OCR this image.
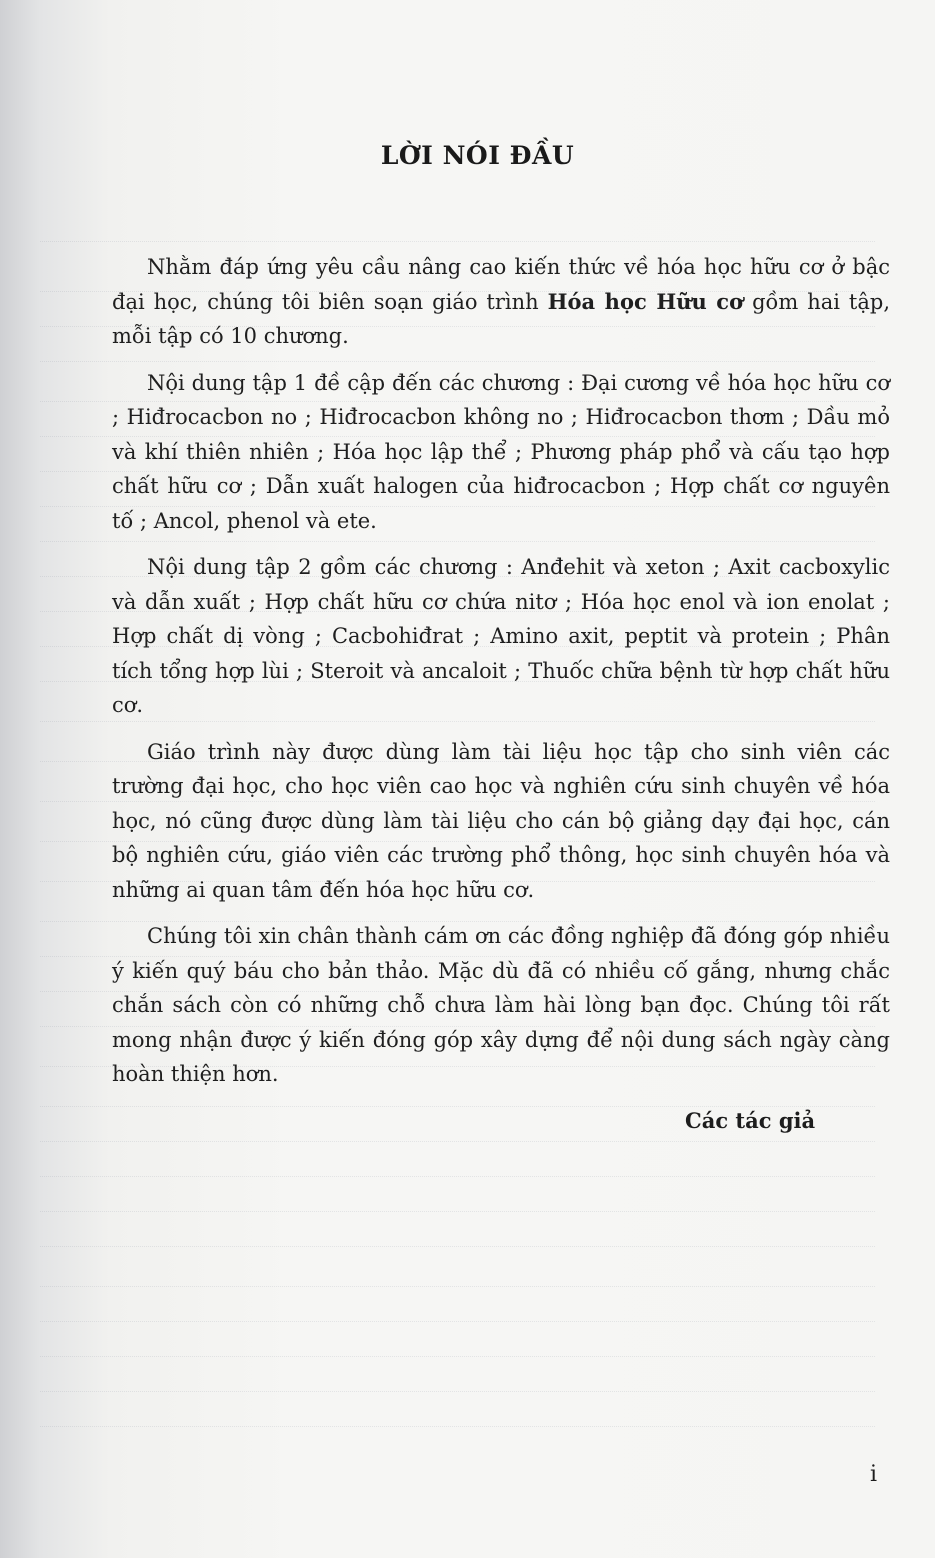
LỜI NÓI ĐẦU

Nhằm đáp ứng yêu cầu nâng cao kiến thức về hóa học hữu cơ ở bậc đại học, chúng tôi biên soạn giáo trình Hóa học Hữu cơ gồm hai tập, mỗi tập có 10 chương.

Nội dung tập 1 đề cập đến các chương : Đại cương về hóa học hữu cơ ; Hiđrocacbon no ; Hiđrocacbon không no ; Hiđrocacbon thơm ; Dầu mỏ và khí thiên nhiên ; Hóa học lập thể ; Phương pháp phổ và cấu tạo hợp chất hữu cơ ; Dẫn xuất halogen của hiđrocacbon ; Hợp chất cơ nguyên tố ; Ancol, phenol và ete.

Nội dung tập 2 gồm các chương : Anđehit và xeton ; Axit cacboxylic và dẫn xuất ; Hợp chất hữu cơ chứa nitơ ; Hóa học enol và ion enolat ; Hợp chất dị vòng ; Cacbohiđrat ; Amino axit, peptit và protein ; Phân tích tổng hợp lùi ; Steroit và ancaloit ; Thuốc chữa bệnh từ hợp chất hữu cơ.

Giáo trình này được dùng làm tài liệu học tập cho sinh viên các trường đại học, cho học viên cao học và nghiên cứu sinh chuyên về hóa học, nó cũng được dùng làm tài liệu cho cán bộ giảng dạy đại học, cán bộ nghiên cứu, giáo viên các trường phổ thông, học sinh chuyên hóa và những ai quan tâm đến hóa học hữu cơ.

Chúng tôi xin chân thành cám ơn các đồng nghiệp đã đóng góp nhiều ý kiến quý báu cho bản thảo. Mặc dù đã có nhiều cố gắng, nhưng chắc chắn sách còn có những chỗ chưa làm hài lòng bạn đọc. Chúng tôi rất mong nhận được ý kiến đóng góp xây dựng để nội dung sách ngày càng hoàn thiện hơn.

Các tác giả
i
